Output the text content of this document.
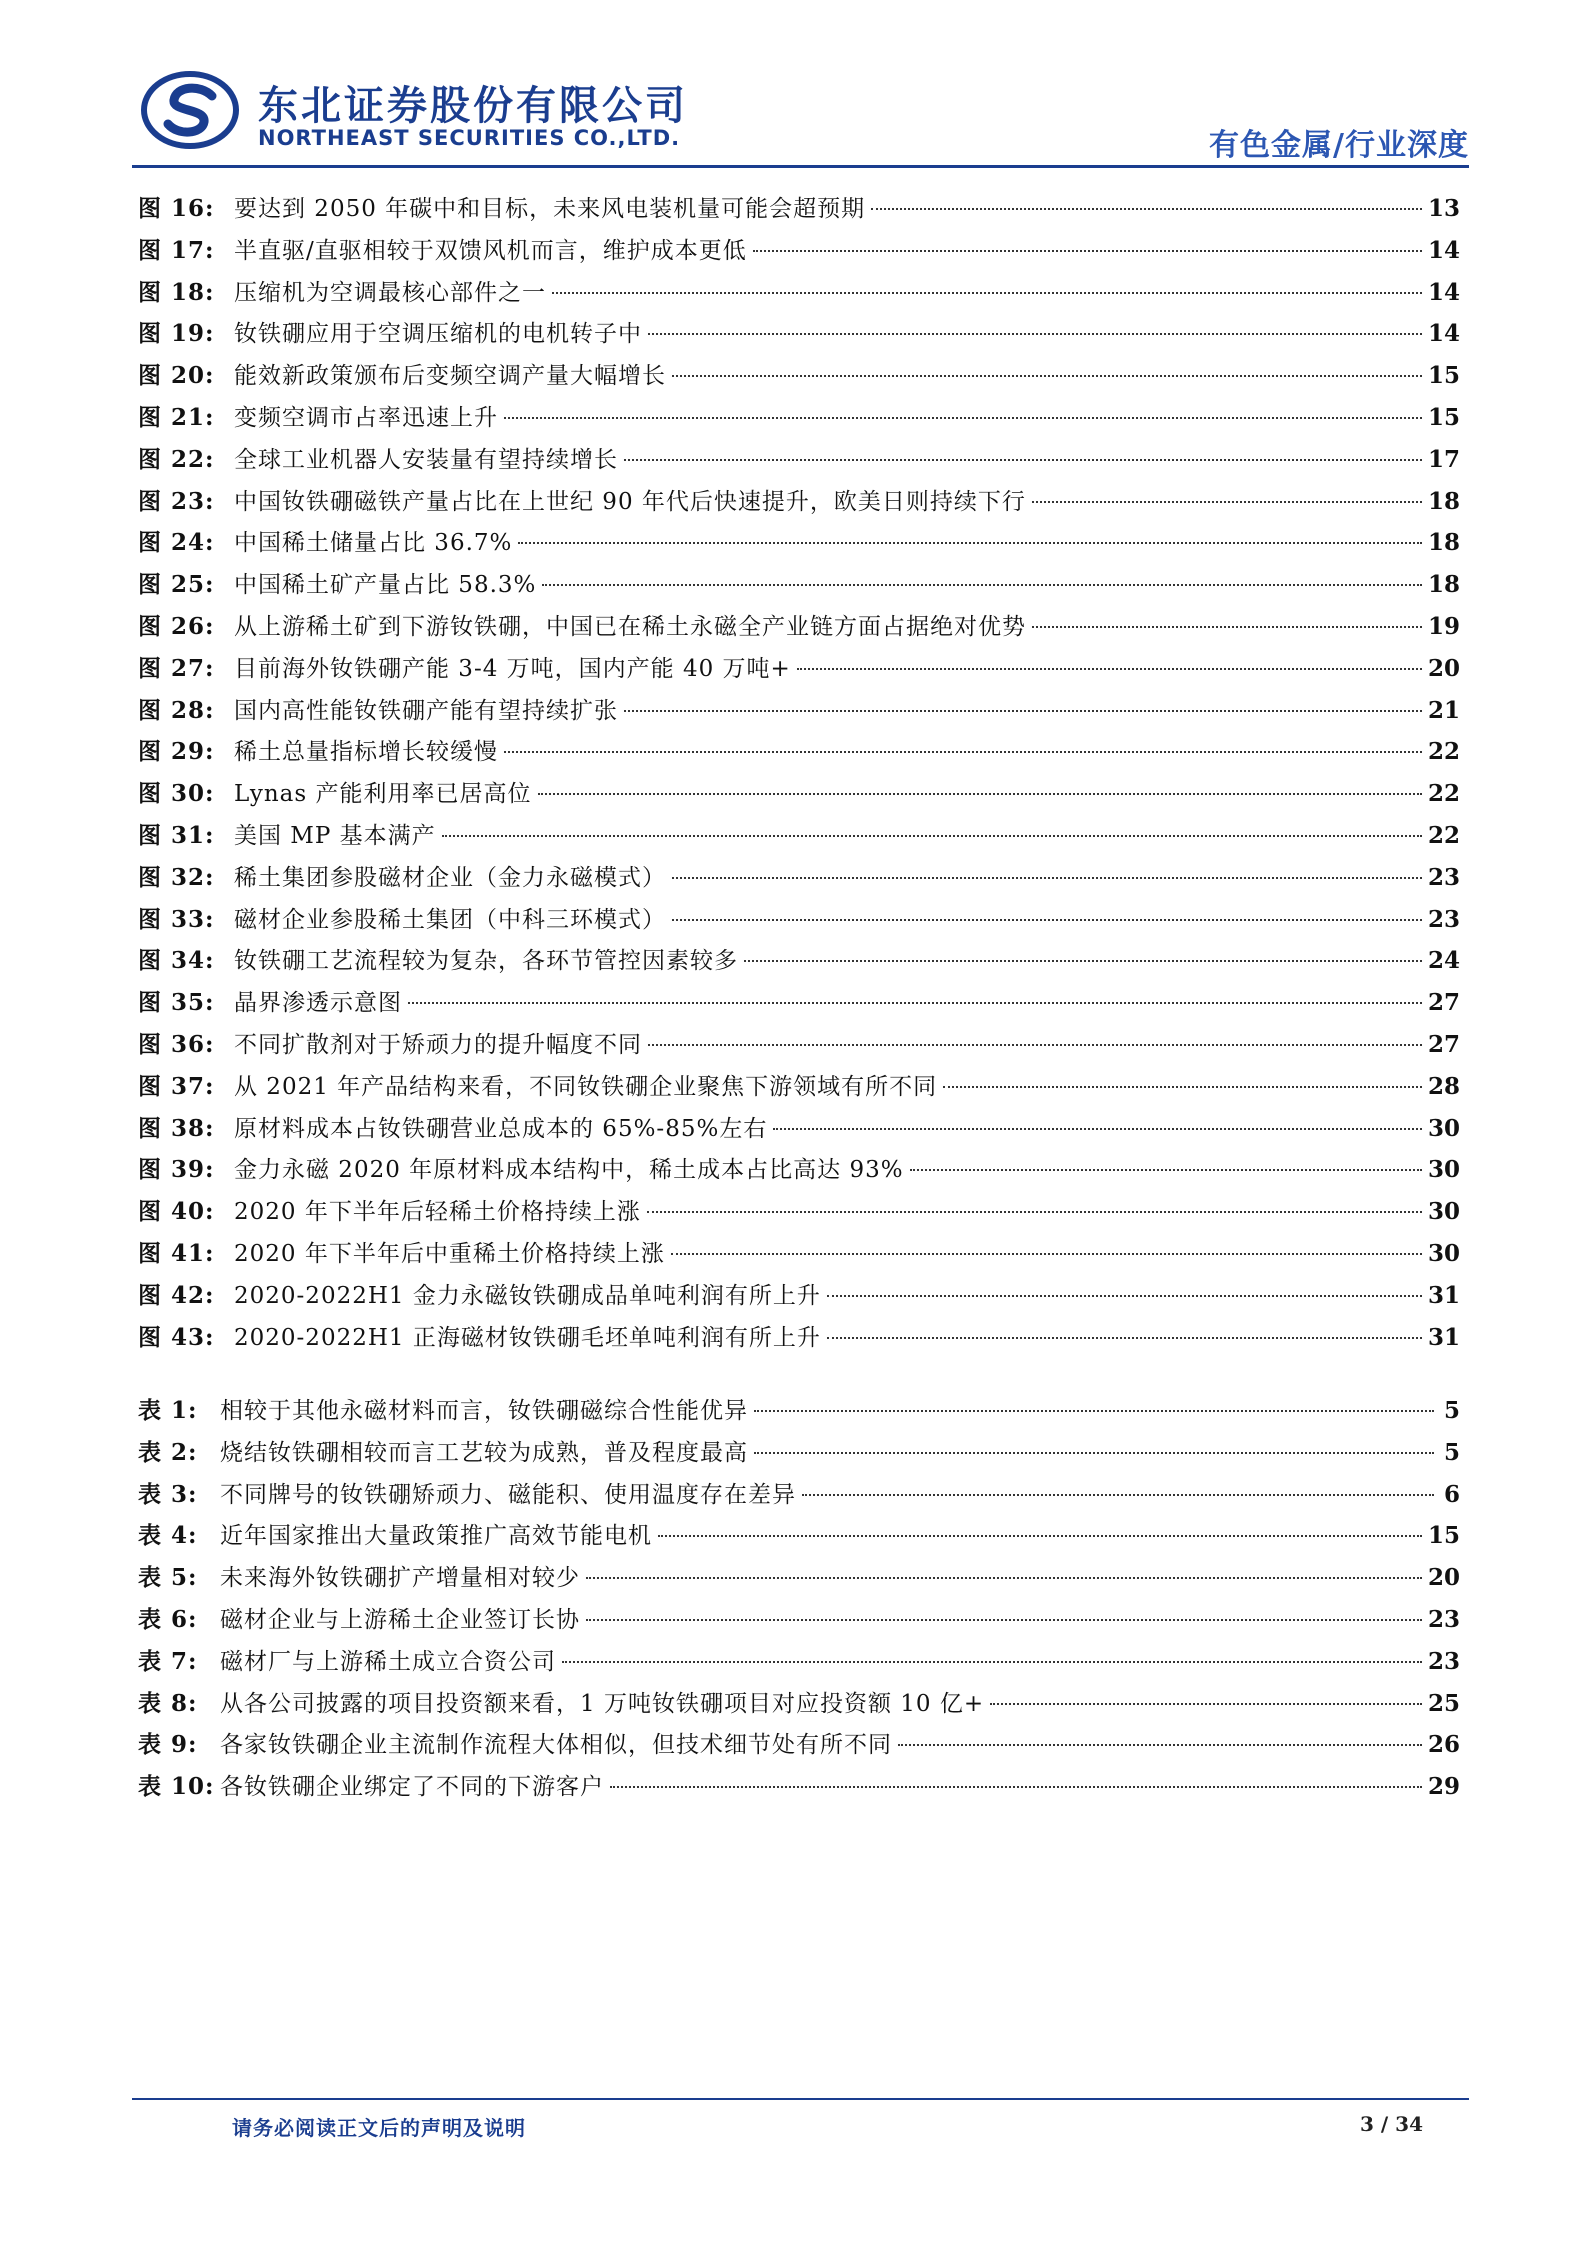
东北证券股份有限公司
NORTHEAST SECURITIES CO.,LTD.	有色金属/行业深度
图 16: 要达到 2050 年碳中和目标，未来风电装机量可能会超预期	13
图 17: 半直驱/直驱相较于双馈风机而言，维护成本更低	14
图 18: 压缩机为空调最核心部件之一	14
图 19: 钕铁硼应用于空调压缩机的电机转子中	14
图 20: 能效新政策颁布后变频空调产量大幅增长	15
图 21: 变频空调市占率迅速上升	15
图 22: 全球工业机器人安装量有望持续增长	17
图 23: 中国钕铁硼磁铁产量占比在上世纪 90 年代后快速提升，欧美日则持续下行	18
图 24: 中国稀土储量占比 36.7%	18
图 25: 中国稀土矿产量占比 58.3%	18
图 26: 从上游稀土矿到下游钕铁硼，中国已在稀土永磁全产业链方面占据绝对优势	19
图 27: 目前海外钕铁硼产能 3-4 万吨，国内产能 40 万吨+	20
图 28: 国内高性能钕铁硼产能有望持续扩张	21
图 29: 稀土总量指标增长较缓慢	22
图 30: Lynas 产能利用率已居高位	22
图 31: 美国 MP 基本满产	22
图 32: 稀土集团参股磁材企业（金力永磁模式）	23
图 33: 磁材企业参股稀土集团（中科三环模式）	23
图 34: 钕铁硼工艺流程较为复杂，各环节管控因素较多	24
图 35: 晶界渗透示意图	27
图 36: 不同扩散剂对于矫顽力的提升幅度不同	27
图 37: 从 2021 年产品结构来看，不同钕铁硼企业聚焦下游领域有所不同	28
图 38: 原材料成本占钕铁硼营业总成本的 65%-85%左右	30
图 39: 金力永磁 2020 年原材料成本结构中，稀土成本占比高达 93%	30
图 40: 2020 年下半年后轻稀土价格持续上涨	30
图 41: 2020 年下半年后中重稀土价格持续上涨	30
图 42: 2020-2022H1 金力永磁钕铁硼成品单吨利润有所上升	31
图 43: 2020-2022H1 正海磁材钕铁硼毛坯单吨利润有所上升	31
表 1: 相较于其他永磁材料而言，钕铁硼磁综合性能优异	5
表 2: 烧结钕铁硼相较而言工艺较为成熟，普及程度最高	5
表 3: 不同牌号的钕铁硼矫顽力、磁能积、使用温度存在差异	6
表 4: 近年国家推出大量政策推广高效节能电机	15
表 5: 未来海外钕铁硼扩产增量相对较少	20
表 6: 磁材企业与上游稀土企业签订长协	23
表 7: 磁材厂与上游稀土成立合资公司	23
表 8: 从各公司披露的项目投资额来看，1 万吨钕铁硼项目对应投资额 10 亿+	25
表 9: 各家钕铁硼企业主流制作流程大体相似，但技术细节处有所不同	26
表 10: 各钕铁硼企业绑定了不同的下游客户	29
请务必阅读正文后的声明及说明	3 / 34
